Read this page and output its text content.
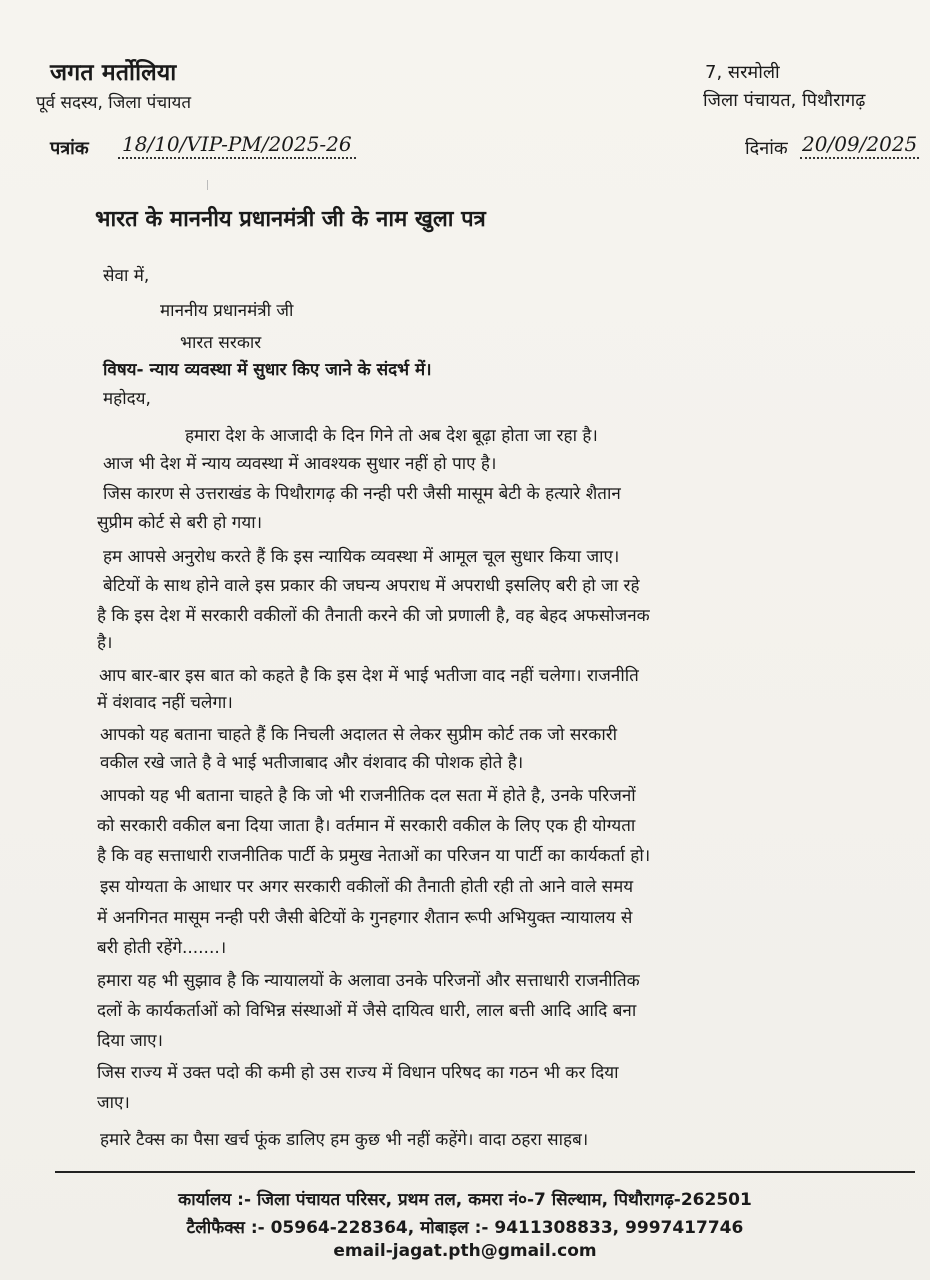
जगत मर्तोलिया
पूर्व सदस्य, जिला पंचायत
7, सरमोली
जिला पंचायत, पिथौरागढ़
पत्रांक 18/10/VIP-PM/2025-26	दिनांक 20/09/2025
भारत के माननीय प्रधानमंत्री जी के नाम खुला पत्र
सेवा में,
माननीय प्रधानमंत्री जी
भारत सरकार
विषय- न्याय व्यवस्था में सुधार किए जाने के संदर्भ में।
महोदय,
हमारा देश के आजादी के दिन गिने तो अब देश बूढ़ा होता जा रहा है।
आज भी देश में न्याय व्यवस्था में आवश्यक सुधार नहीं हो पाए है।
जिस कारण से उत्तराखंड के पिथौरागढ़ की नन्ही परी जैसी मासूम बेटी के हत्यारे शैतान
सुप्रीम कोर्ट से बरी हो गया।
हम आपसे अनुरोध करते हैं कि इस न्यायिक व्यवस्था में आमूल चूल सुधार किया जाए।
बेटियों के साथ होने वाले इस प्रकार की जघन्य अपराध में अपराधी इसलिए बरी हो जा रहे
है कि इस देश में सरकारी वकीलों की तैनाती करने की जो प्रणाली है, वह बेहद अफसोजनक
है।
आप बार-बार इस बात को कहते है कि इस देश में भाई भतीजा वाद नहीं चलेगा। राजनीति
में वंशवाद नहीं चलेगा।
आपको यह बताना चाहते हैं कि निचली अदालत से लेकर सुप्रीम कोर्ट तक जो सरकारी
वकील रखे जाते है वे भाई भतीजाबाद और वंशवाद की पोशक होते है।
आपको यह भी बताना चाहते है कि जो भी राजनीतिक दल सता में होते है, उनके परिजनों
को सरकारी वकील बना दिया जाता है। वर्तमान में सरकारी वकील के लिए एक ही योग्यता
है कि वह सत्ताधारी राजनीतिक पार्टी के प्रमुख नेताओं का परिजन या पार्टी का कार्यकर्ता हो।
इस योग्यता के आधार पर अगर सरकारी वकीलों की तैनाती होती रही तो आने वाले समय
में अनगिनत मासूम नन्ही परी जैसी बेटियों के गुनहगार शैतान रूपी अभियुक्त न्यायालय से
बरी होती रहेंगे.......।
हमारा यह भी सुझाव है कि न्यायालयों के अलावा उनके परिजनों और सत्ताधारी राजनीतिक
दलों के कार्यकर्ताओं को विभिन्न संस्थाओं में जैसे दायित्व धारी, लाल बत्ती आदि आदि बना
दिया जाए।
जिस राज्य में उक्त पदो की कमी हो उस राज्य में विधान परिषद का गठन भी कर दिया
जाए।
हमारे टैक्स का पैसा खर्च फूंक डालिए हम कुछ भी नहीं कहेंगे। वादा ठहरा साहब।
कार्यालय :- जिला पंचायत परिसर, प्रथम तल, कमरा नं०-7 सिल्थाम, पिथौरागढ़-262501
टैलीफैक्स :- 05964-228364, मोबाइल :- 9411308833, 9997417746
email-jagat.pth@gmail.com
